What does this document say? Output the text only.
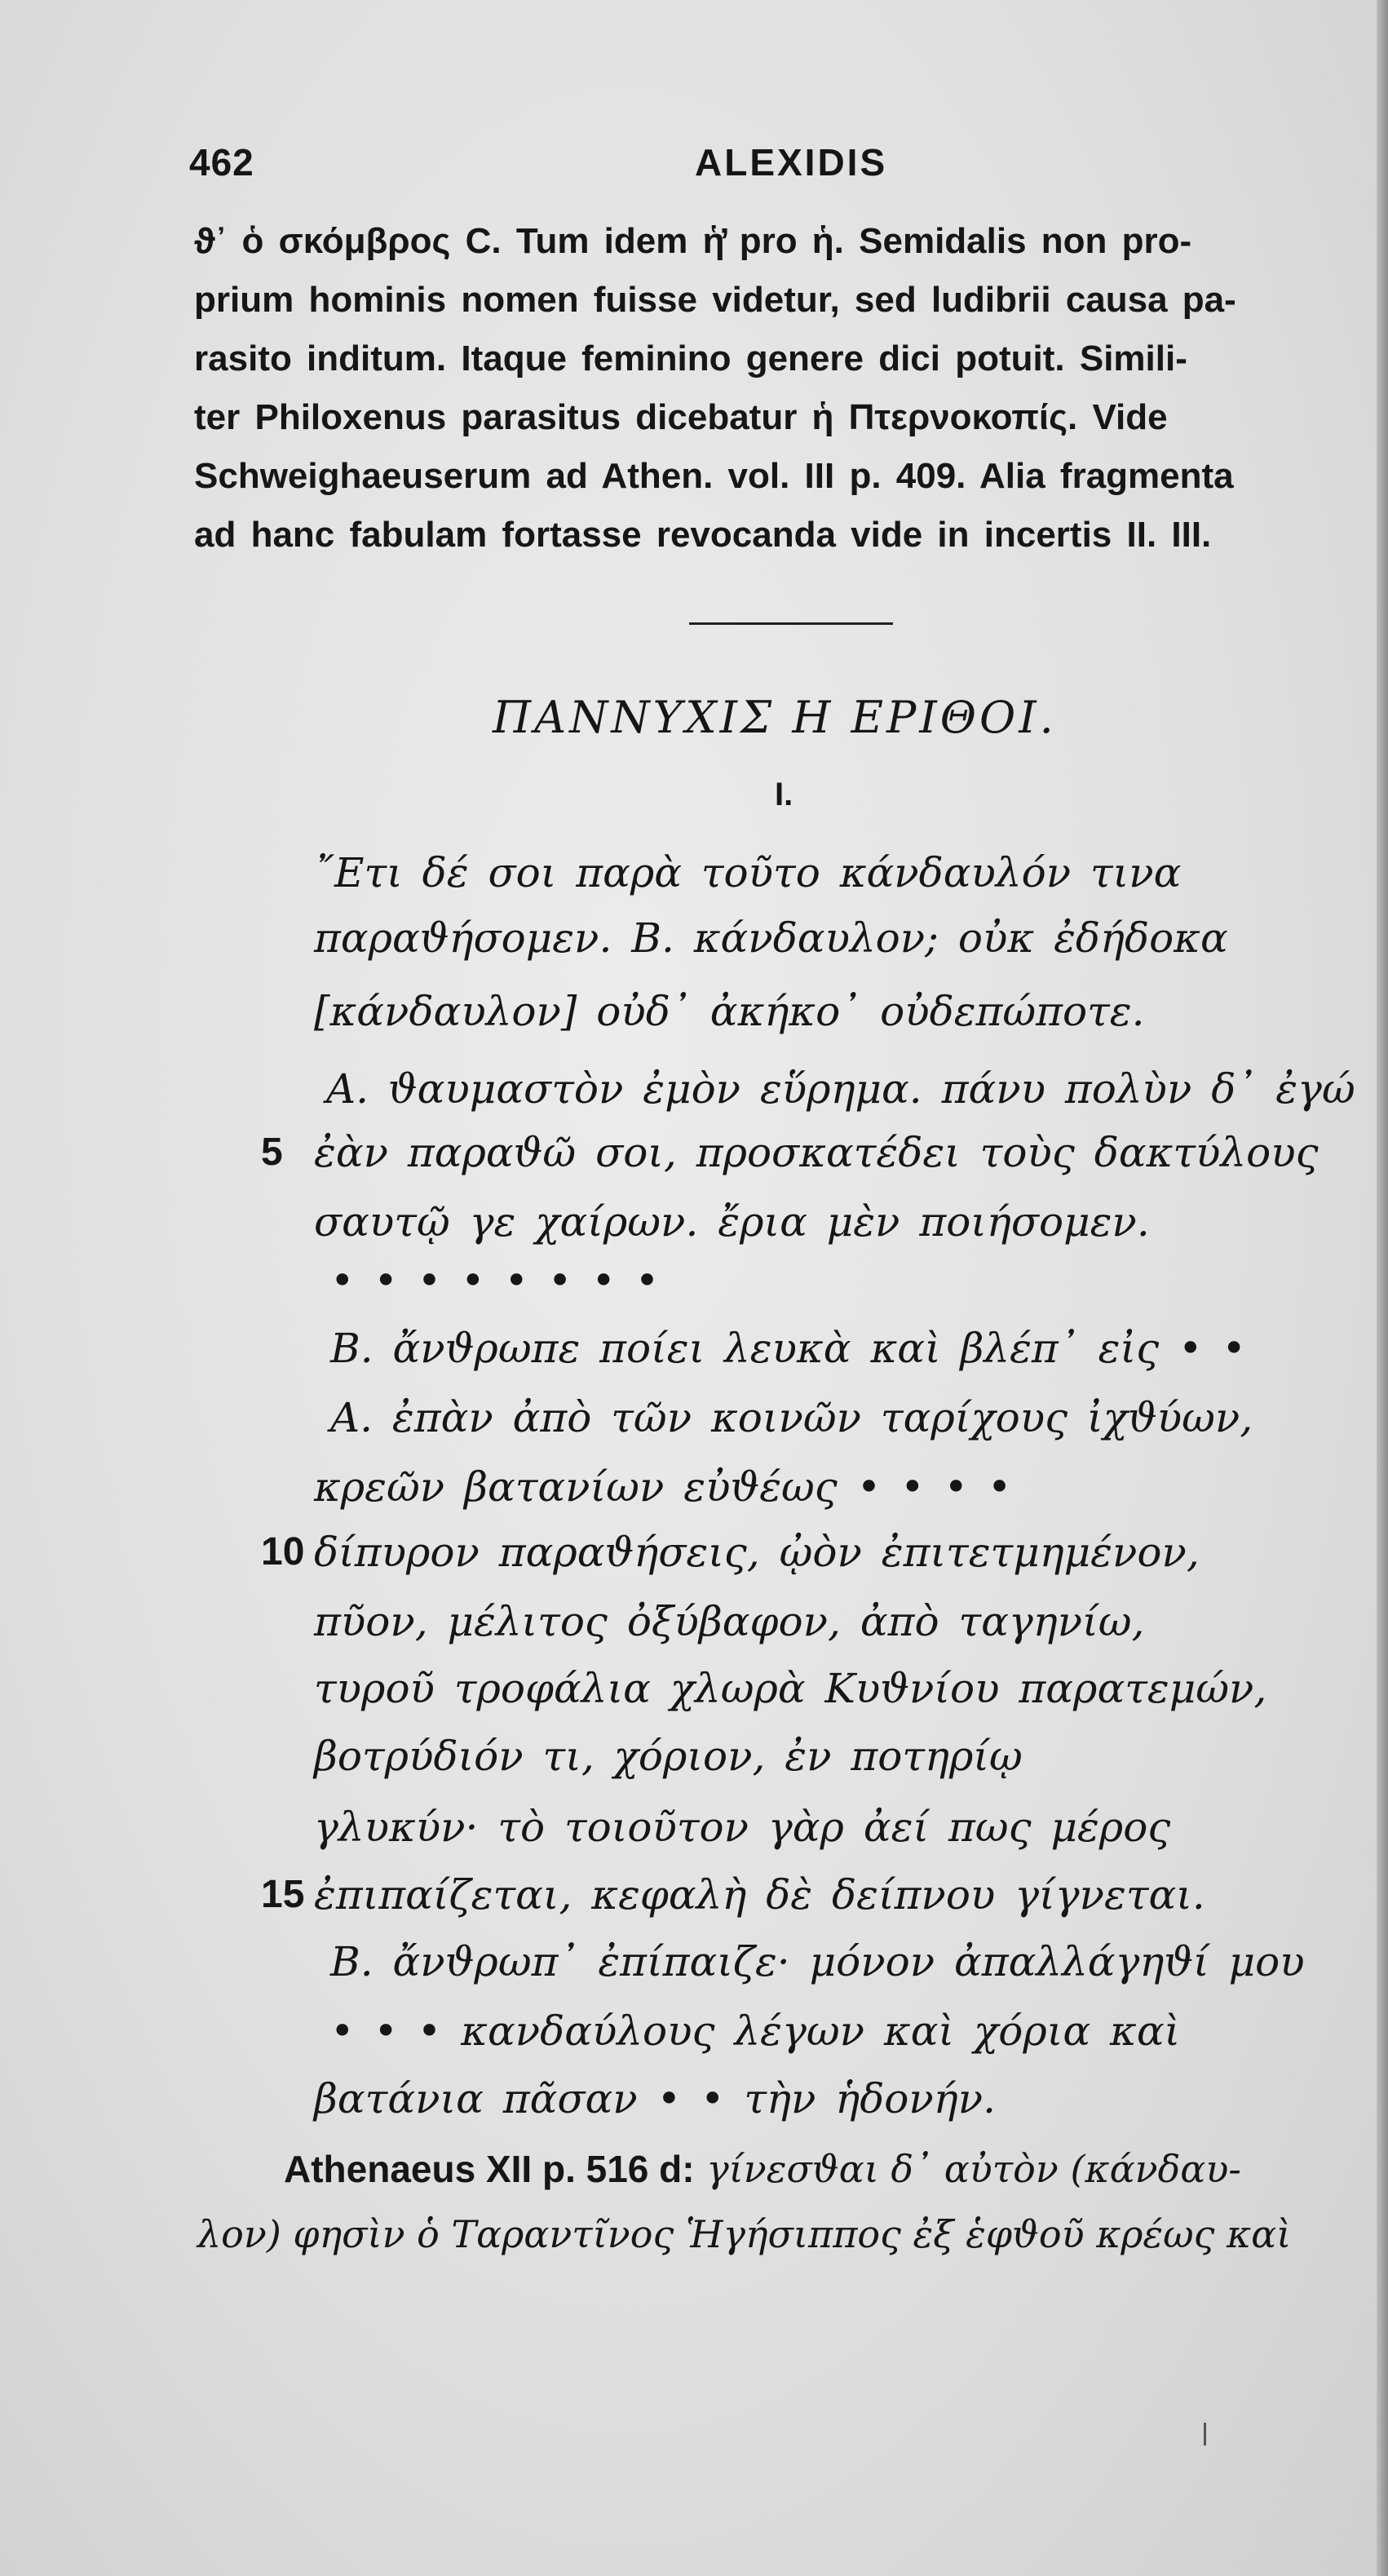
462	ALEXIDIS
ϑ᾽ ὁ σκόμβρος C. Tum idem ἡ̓ pro ἡ. Semidalis non pro-
prium hominis nomen fuisse videtur, sed ludibrii causa pa-
rasito inditum. Itaque feminino genere dici potuit. Simili-
ter Philoxenus parasitus dicebatur ἡ Πτερνοκοπίς. Vide
Schweighaeuserum ad Athen. vol. III p. 409. Alia fragmenta
ad hanc fabulam fortasse revocanda vide in incertis II. III.
ΠΑΝΝΥΧΙΣ Η ΕΡΙΘΟΙ.
I.
῎Ετι δέ σοι παρὰ τοῦτο κάνδαυλόν τινα
παραϑήσομεν. Β. κάνδαυλον; οὐκ ἐδήδοκα
[κάνδαυλον] οὐδ᾽ ἀκήκο᾽ οὐδεπώποτε.
Α. ϑαυμαστὸν ἐμὸν εὕρημα. πάνυ πολὺν δ᾽ ἐγώ
5 ἐὰν παραϑῶ σοι, προσκατέδει τοὺς δακτύλους
σαυτῷ γε χαίρων. ἔρια μὲν ποιήσομεν.
• • • • • • • •
Β. ἄνϑρωπε ποίει λευκὰ καὶ βλέπ᾽ εἰς • •
Α. ἐπὰν ἀπὸ τῶν κοινῶν ταρίχους ἰχϑύων,
κρεῶν βατανίων εὐϑέως • • • •
10 δίπυρον παραϑήσεις, ᾠὸν ἐπιτετμημένον,
πῦον, μέλιτος ὀξύβαφον, ἀπὸ ταγηνίω,
τυροῦ τροφάλια χλωρὰ Κυϑνίου παρατεμών,
βοτρύδιόν τι, χόριον, ἐν ποτηρίῳ
γλυκύν· τὸ τοιοῦτον γὰρ ἀεί πως μέρος
15 ἐπιπαίζεται, κεφαλὴ δὲ δείπνου γίγνεται.
Β. ἄνϑρωπ᾽ ἐπίπαιζε· μόνον ἀπαλλάγηϑί μου
• • • κανδαύλους λέγων καὶ χόρια καὶ
βατάνια πᾶσαν • • τὴν ἡδονήν.
Athenaeus XII p. 516 d: γίνεσϑαι δ᾽ αὐτὸν (κάνδαυ-
λον) φησὶν ὁ Ταραντῖνος Ἡγήσιππος ἐξ ἑφϑοῦ κρέως καὶ
